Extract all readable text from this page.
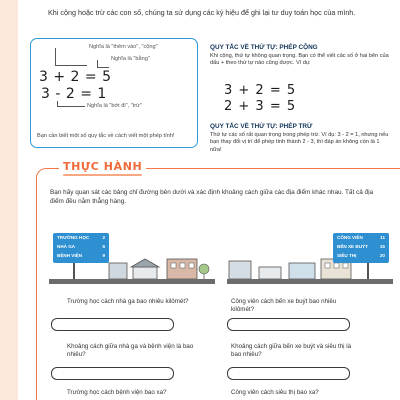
Khi cộng hoặc trừ các con số, chúng ta sử dụng các ký hiệu để ghi lại tư duy toán học của mình.
Nghĩa là "thêm vào", "cộng"
Nghĩa là "bằng"
3 + 2 = 5
3 - 2 = 1
Nghĩa là "bớt đi", "trừ"
Bạn cần biết một số quy tắc về cách viết một phép tính!
QUY TẮC VỀ THỨ TỰ: PHÉP CỘNG
Khi cộng, thứ tự không quan trọng. Bạn có thể viết các số ở hai bên của dấu + theo thứ tự nào cũng được. Ví dụ:
3 + 2 = 5
2 + 3 = 5
QUY TẮC VỀ THỨ TỰ: PHÉP TRỪ
Thứ tự các số rất quan trọng trong phép trừ. Ví dụ: 3 - 2 = 1, nhưng nếu bạn thay đổi vị trí để phép tính thành 2 - 3, thì đáp án không còn là 1 nữa!
THỰC HÀNH
Bạn hãy quan sát các bảng chỉ đường bên dưới và xác định khoảng cách giữa các địa điểm khác nhau. Tất cả địa điểm đều nằm thẳng hàng.
TRƯỜNG HỌC	2
NHÀ GA	5
BỆNH VIỆN	9
CÔNG VIÊN	11
BẾN XE BUÝT	15
SIÊU THỊ	20
Trường học cách nhà ga bao nhiêu kilômét?
Khoảng cách giữa nhà ga và bệnh viện là bao nhiêu?
Trường học cách bệnh viện bao xa?
Công viên cách bến xe buýt bao nhiêu kilômét?
Khoảng cách giữa bến xe buýt và siêu thị là bao nhiêu?
Công viên cách siêu thị bao xa?
